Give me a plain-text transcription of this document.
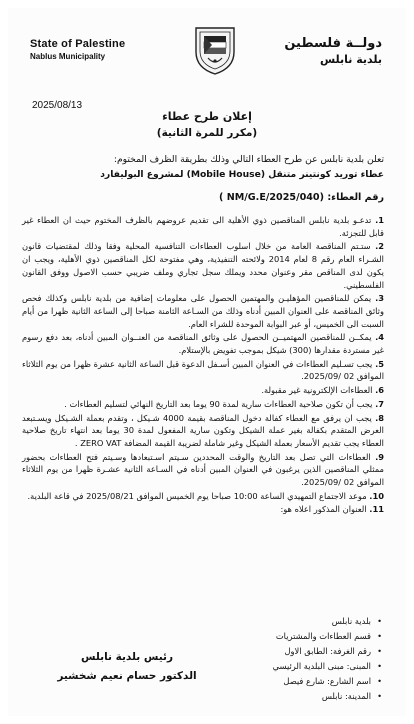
State of Palestine
Nablus Municipality
دولــة فلسطين
بلدية نابلس
2025/08/13
إعلان طرح عطاء
(مكرر للمرة الثانية)
تعلن بلدية نابلس عن طرح العطاء التالي وذلك بطريقة الظرف المختوم:
عطاء توريد كونتينر متنقل (Mobile House) لمشروع البوليفارد
رقم العطاء: (NM/G.E/2025/040 )
1. تدعـو بلدية نابلس المناقصين ذوي الأهلية الى تقديم عروضهم بالظرف المختوم حيث ان العطاء غير قابل للتجزئة.
2. ستـتم المناقصة العامة من خلال اسلوب العطاءات التنافسية المحلية وفقا وذلك لمقتضيات قانون الشـراء العام رقم 8 لعام 2014 ولائحته التنفيذية، وهي مفتوحة لكل المناقصين ذوي الأهلية، ويجب ان يكون لدى المناقص مقر وعنوان محدد ويملك سجل تجاري وملف ضريبي حسب الاصول ووفق القانون الفلسطيني.
3. يمكن للمناقصين المؤهليـن والمهتمين الحصول على معلومات إضافية من بلدية نابلس وكذلك فحص وثائق المناقصة على العنوان المبين أدناه وذلك من السـاعة الثامنة صباحا إلى الساعة الثانية ظهرا من أيام السبت الى الخميس، أو عبر البوابة الموحدة للشراء العام.
4. يمكــن للمناقصين المهتميــن الحصول على وثائق المناقصة من العنــوان المبين أدناه، بعد دفع رسوم غير مستردة مقدارها (300) شيكل بموجب تفويض بالإستلام.
5. يجب تسـليم العطاءات في العنوان المبين أسـفل الدعوة قبل الساعة الثانية عشرة ظهرا من يوم الثلاثاء الموافق 02 /2025/09.
6. العطاءات الإلكترونية غير مقبولة.
7. يجب أن تكون صلاحية العطاءات سارية لمدة 90 يوما بعد التاريخ النهائي لتسليم العطاءات .
8. يجب ان يرفق مع العطاء كفالة دخول المناقصة بقيمة 4000 شـيكل ، وتقدم بعملة الشـيكل ويسـتبعد العرض المتقدم بكفالة بغير عملة الشيكل وتكون سارية المفعول لمدة 30 يوما بعد انتهاء تاريخ صلاحية العطاء يجب تقديم الأسعار بعملة الشيكل وغير شاملة لضريبة القيمة المضافة ZERO VAT .
9. العطاءات التي تصل بعد التاريخ والوقت المحددين سـيتم اسـتبعادها وسـيتم فتح العطاءات بحضور ممثلي المناقصين الذين يرغبون في العنوان المبين أدناه في السـاعة الثانية عشـرة ظهرا من يوم الثلاثاء الموافق 02 /2025/09.
10. موعد الاجتماع التمهيدي الساعة 10:00 صباحا يوم الخميس الموافق 2025/08/21 في قاعة البلدية.
11. العنوان المذكور اعلاه هو:
• بلدية نابلس
• قسم العطاءات والمشتريات
• رقم الغرفة: الطابق الاول
• المبنى: مبنى البلدية الرئيسي
• اسم الشارع: شارع فيصل
• المدينة: نابلس
رئيس بلدية نابلس
الدكتور حسام نعيم شخشير
